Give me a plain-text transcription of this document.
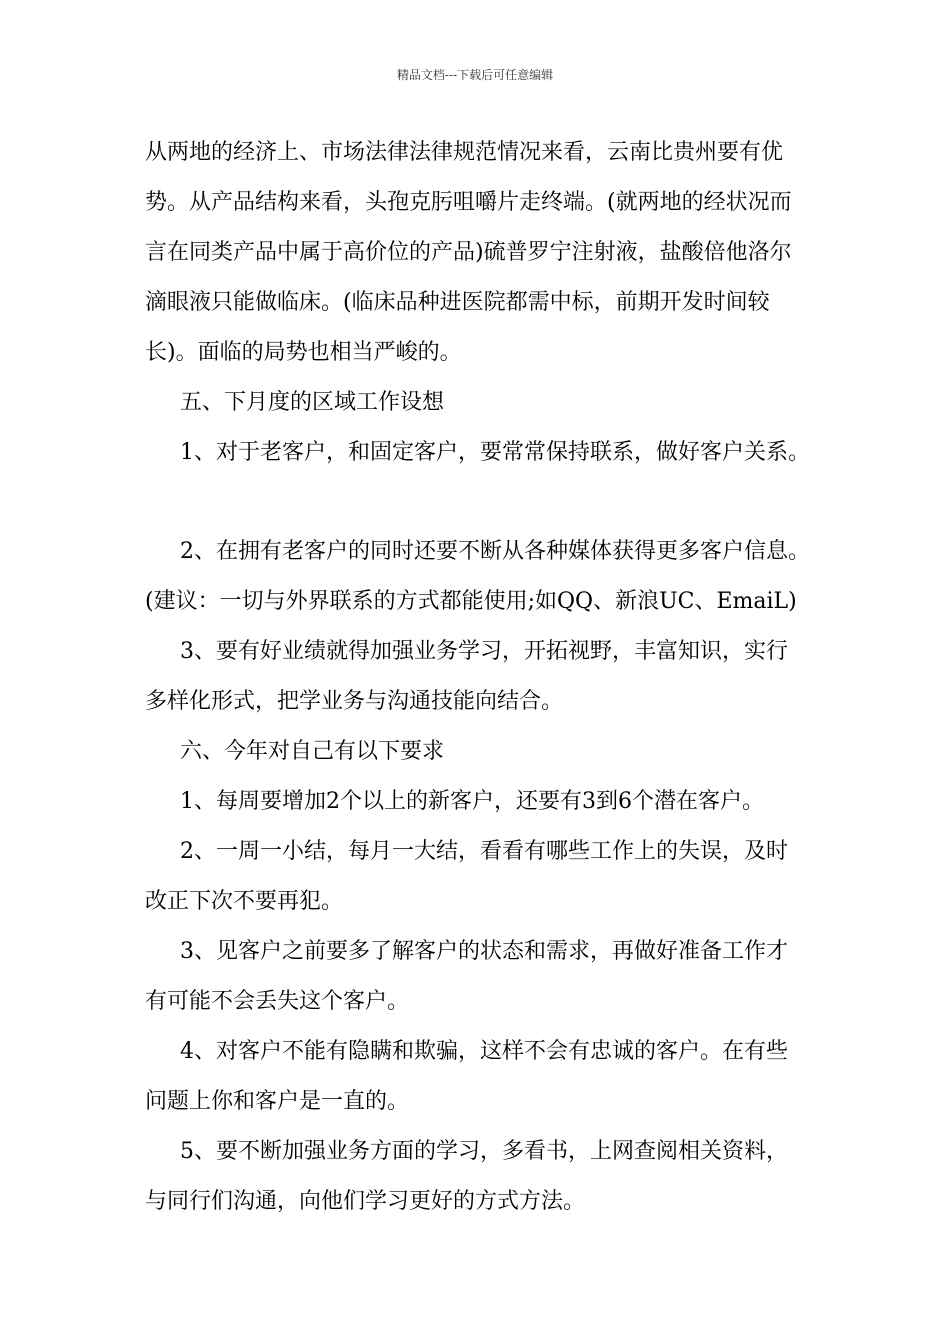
精品文档---下载后可任意编辑
从两地的经济上、市场法律法律规范情况来看，云南比贵州要有优
势。从产品结构来看，头孢克肟咀嚼片走终端。(就两地的经状况而
言在同类产品中属于高价位的产品)硫普罗宁注射液，盐酸倍他洛尔
滴眼液只能做临床。(临床品种进医院都需中标，前期开发时间较
长)。面临的局势也相当严峻的。
五、下月度的区域工作设想
1、对于老客户，和固定客户，要常常保持联系，做好客户关系。
2、在拥有老客户的同时还要不断从各种媒体获得更多客户信息。
(建议：一切与外界联系的方式都能使用;如QQ、新浪UC、EmaiL)
3、要有好业绩就得加强业务学习，开拓视野，丰富知识，实行
多样化形式，把学业务与沟通技能向结合。
六、今年对自己有以下要求
1、每周要增加2个以上的新客户，还要有3到6个潜在客户。
2、一周一小结，每月一大结，看看有哪些工作上的失误，及时
改正下次不要再犯。
3、见客户之前要多了解客户的状态和需求，再做好准备工作才
有可能不会丢失这个客户。
4、对客户不能有隐瞒和欺骗，这样不会有忠诚的客户。在有些
问题上你和客户是一直的。
5、要不断加强业务方面的学习，多看书，上网查阅相关资料，
与同行们沟通，向他们学习更好的方式方法。
